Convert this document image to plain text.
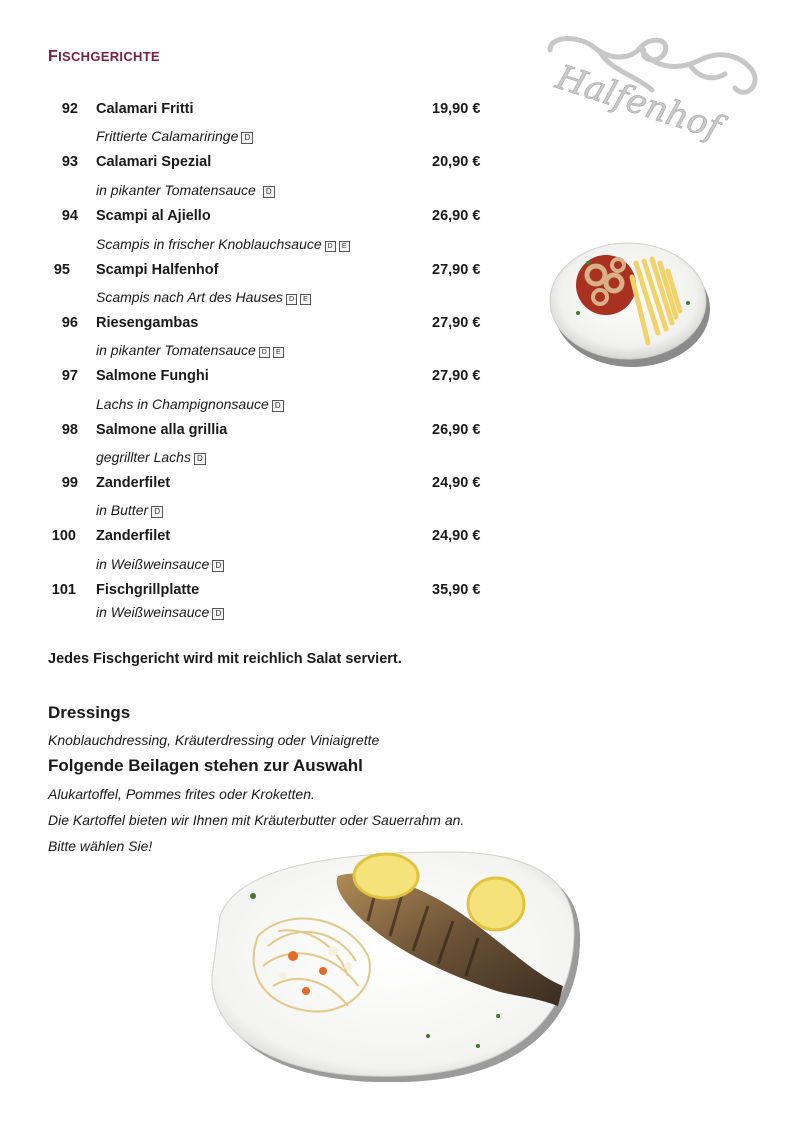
FISCHGERICHTE
Halfenhof
92 Calamari Fritti	19,90 €
Frittierte Calamariringe D
93 Calamari Spezial	20,90 €
in pikanter Tomatensauce D
94 Scampi al Ajiello	26,90 €
Scampis in frischer Knoblauchsauce D E
95 Scampi Halfenhof	27,90 €
Scampis nach Art des Hauses D E
96 Riesengambas	27,90 €
in pikanter Tomatensauce D E
97 Salmone Funghi	27,90 €
Lachs in Champignonsauce D
98 Salmone alla grillia	26,90 €
gegrillter Lachs D
99 Zanderfilet	24,90 €
in Butter D
100 Zanderfilet	24,90 €
in Weißweinsauce D
101 Fischgrillplatte	35,90 €
in Weißweinsauce D
Jedes Fischgericht wird mit reichlich Salat serviert.
Dressings
Knoblauchdressing, Kräuterdressing oder Viniaigrette
Folgende Beilagen stehen zur Auswahl
Alukartoffel, Pommes frites oder Kroketten.
Die Kartoffel bieten wir Ihnen mit Kräuterbutter oder Sauerrahm an.
Bitte wählen Sie!
